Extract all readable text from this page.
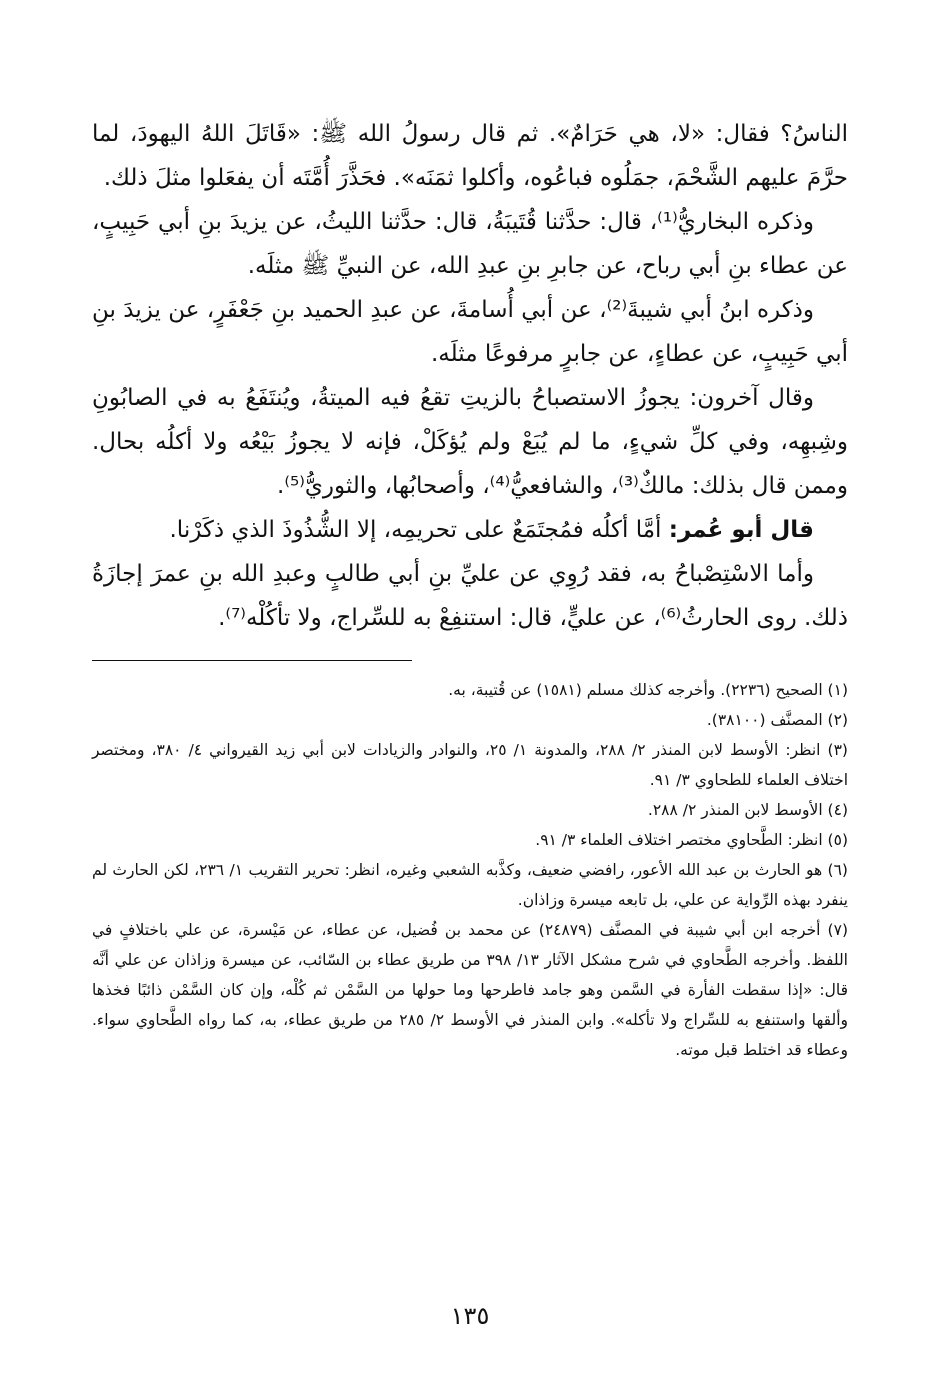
الناسُ؟ فقال: «لا، هي حَرَامٌ». ثم قال رسولُ الله ﷺ: «قَاتَلَ اللهُ اليهودَ، لما حرَّمَ عليهم الشَّحْمَ، جمَلُوه فباعُوه، وأكلوا ثمَنَه». فحَذَّرَ أُمَّتَه أن يفعَلوا مثلَ ذلك.

وذكره البخاريُّ⁽¹⁾، قال: حدَّثنا قُتَيبَةُ، قال: حدَّثنا الليثُ، عن يزيدَ بنِ أبي حَبِيبٍ، عن عطاء بنِ أبي رباح، عن جابرِ بنِ عبدِ الله، عن النبيِّ ﷺ مثلَه.

وذكره ابنُ أبي شيبةَ⁽²⁾، عن أبي أُسامةَ، عن عبدِ الحميد بنِ جَعْفَرٍ، عن يزيدَ بنِ أبي حَبِيبٍ، عن عطاءٍ، عن جابرٍ مرفوعًا مثلَه.

وقال آخرون: يجوزُ الاستصباحُ بالزيتِ تقعُ فيه الميتةُ، ويُنتَفَعُ به في الصابُونِ وشِبهِه، وفي كلِّ شيءٍ، ما لم يُبَعْ ولم يُؤكَلْ، فإنه لا يجوزُ بَيْعُه ولا أكلُه بحال. وممن قال بذلك: مالكٌ⁽³⁾، والشافعيُّ⁽⁴⁾، وأصحابُها، والثوريُّ⁽⁵⁾.

قال أبو عُمر: أمَّا أكلُه فمُجتَمَعٌ على تحريمِه، إلا الشُّذُوذَ الذي ذكَرْنا.

وأما الاسْتِصْباحُ به، فقد رُوِي عن عليِّ بنِ أبي طالبٍ وعبدِ الله بنِ عمرَ إجازَةُ ذلك. روى الحارثُ⁽⁶⁾، عن عليٍّ، قال: استنفِعْ به للسِّراج، ولا تأكُلْه⁽⁷⁾.

(١) الصحيح (٢٢٣٦). وأخرجه كذلك مسلم (١٥٨١) عن قُتيبة، به.

(٢) المصنَّف (٣٨١٠٠).

(٣) انظر: الأوسط لابن المنذر ٢/ ٢٨٨، والمدونة ١/ ٢٥، والنوادر والزيادات لابن أبي زيد القيرواني ٤/ ٣٨٠، ومختصر اختلاف العلماء للطحاوي ٣/ ٩١.

(٤) الأوسط لابن المنذر ٢/ ٢٨٨.

(٥) انظر: الطَّحاوي مختصر اختلاف العلماء ٣/ ٩١.

(٦) هو الحارث بن عبد الله الأعور، رافضي ضعيف، وكذَّبه الشعبي وغيره، انظر: تحرير التقريب ١/ ٢٣٦، لكن الحارث لم ينفرد بهذه الرِّواية عن علي، بل تابعه ميسرة وزاذان.

(٧) أخرجه ابن أبي شيبة في المصنَّف (٢٤٨٧٩) عن محمد بن فُضيل، عن عطاء، عن مَيْسرة، عن علي باختلافٍ في اللفظ. وأخرجه الطَّحاوي في شرح مشكل الآثار ١٣/ ٣٩٨ من طريق عطاء بن السّائب، عن ميسرة وزاذان عن علي أنَّه قال: «إذا سقطت الفأرة في السَّمن وهو جامد فاطرحها وما حولها من السَّمْن ثم كُلْه، وإن كان السَّمْن ذائبًا فخذها وألقها واستنفع به للسِّراج ولا تأكله». وابن المنذر في الأوسط ٢/ ٢٨٥ من طريق عطاء، به، كما رواه الطَّحاوي سواء. وعطاء قد اختلط قبل موته.

١٣٥
